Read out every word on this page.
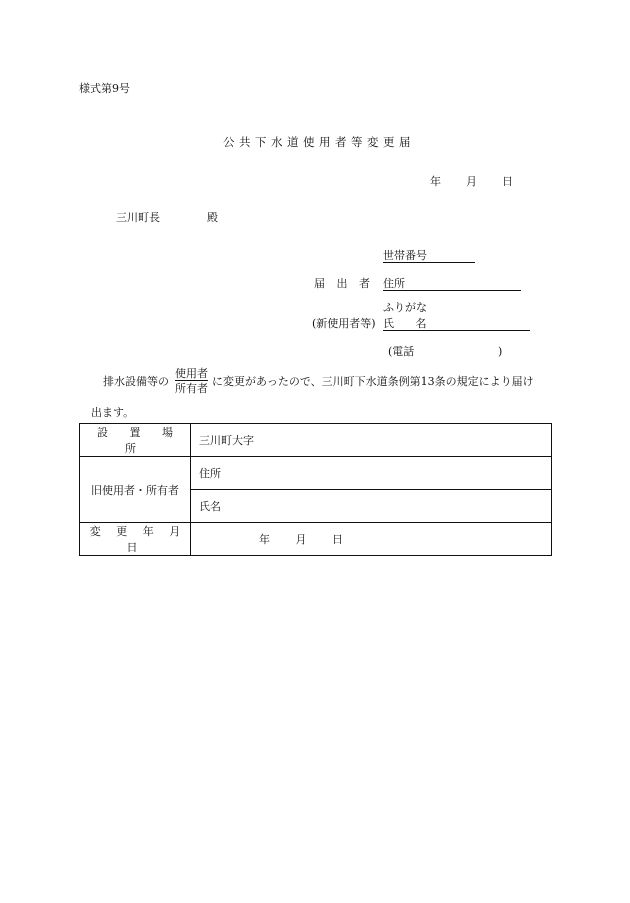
様式第9号
公共下水道使用者等変更届
年 月 日
三川町長	殿
世帯番号
届 出 者 住所
ふりがな
(新使用者等) 氏 名
(電話	)
排水設備等の
使用者
所有者
に変更があったので、三川町下水道条例第13条の規定により届け
出ます。
設 置 場 所	三川町大字
旧使用者・所有者	住所
	氏名
変 更 年 月 日	年 月 日
